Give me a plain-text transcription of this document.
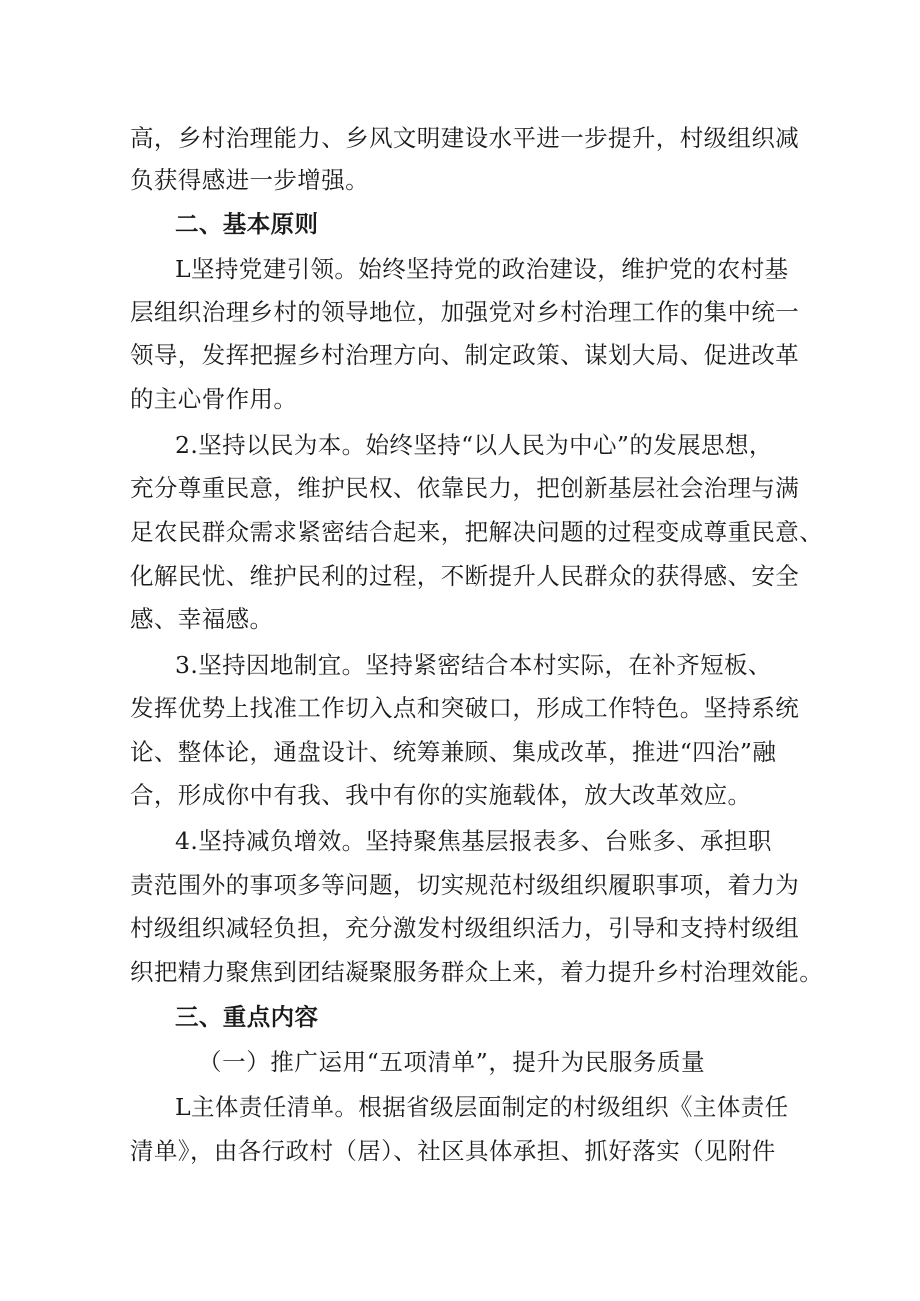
高，乡村治理能力、乡风文明建设水平进一步提升，村级组织减
负获得感进一步增强。
二、基本原则
L坚持党建引领。始终坚持党的政治建设，维护党的农村基
层组织治理乡村的领导地位，加强党对乡村治理工作的集中统一
领导，发挥把握乡村治理方向、制定政策、谋划大局、促进改革
的主心骨作用。
2.坚持以民为本。始终坚持“以人民为中心”的发展思想，
充分尊重民意，维护民权、依靠民力，把创新基层社会治理与满
足农民群众需求紧密结合起来，把解决问题的过程变成尊重民意、
化解民忧、维护民利的过程，不断提升人民群众的获得感、安全
感、幸福感。
3.坚持因地制宜。坚持紧密结合本村实际，在补齐短板、
发挥优势上找准工作切入点和突破口，形成工作特色。坚持系统
论、整体论，通盘设计、统筹兼顾、集成改革，推进“四治”融
合，形成你中有我、我中有你的实施载体，放大改革效应。
4.坚持减负增效。坚持聚焦基层报表多、台账多、承担职
责范围外的事项多等问题，切实规范村级组织履职事项，着力为
村级组织减轻负担，充分激发村级组织活力，引导和支持村级组
织把精力聚焦到团结凝聚服务群众上来，着力提升乡村治理效能。
三、重点内容
（一）推广运用“五项清单”，提升为民服务质量
L主体责任清单。根据省级层面制定的村级组织《主体责任
清单》，由各行政村（居）、社区具体承担、抓好落实（见附件
